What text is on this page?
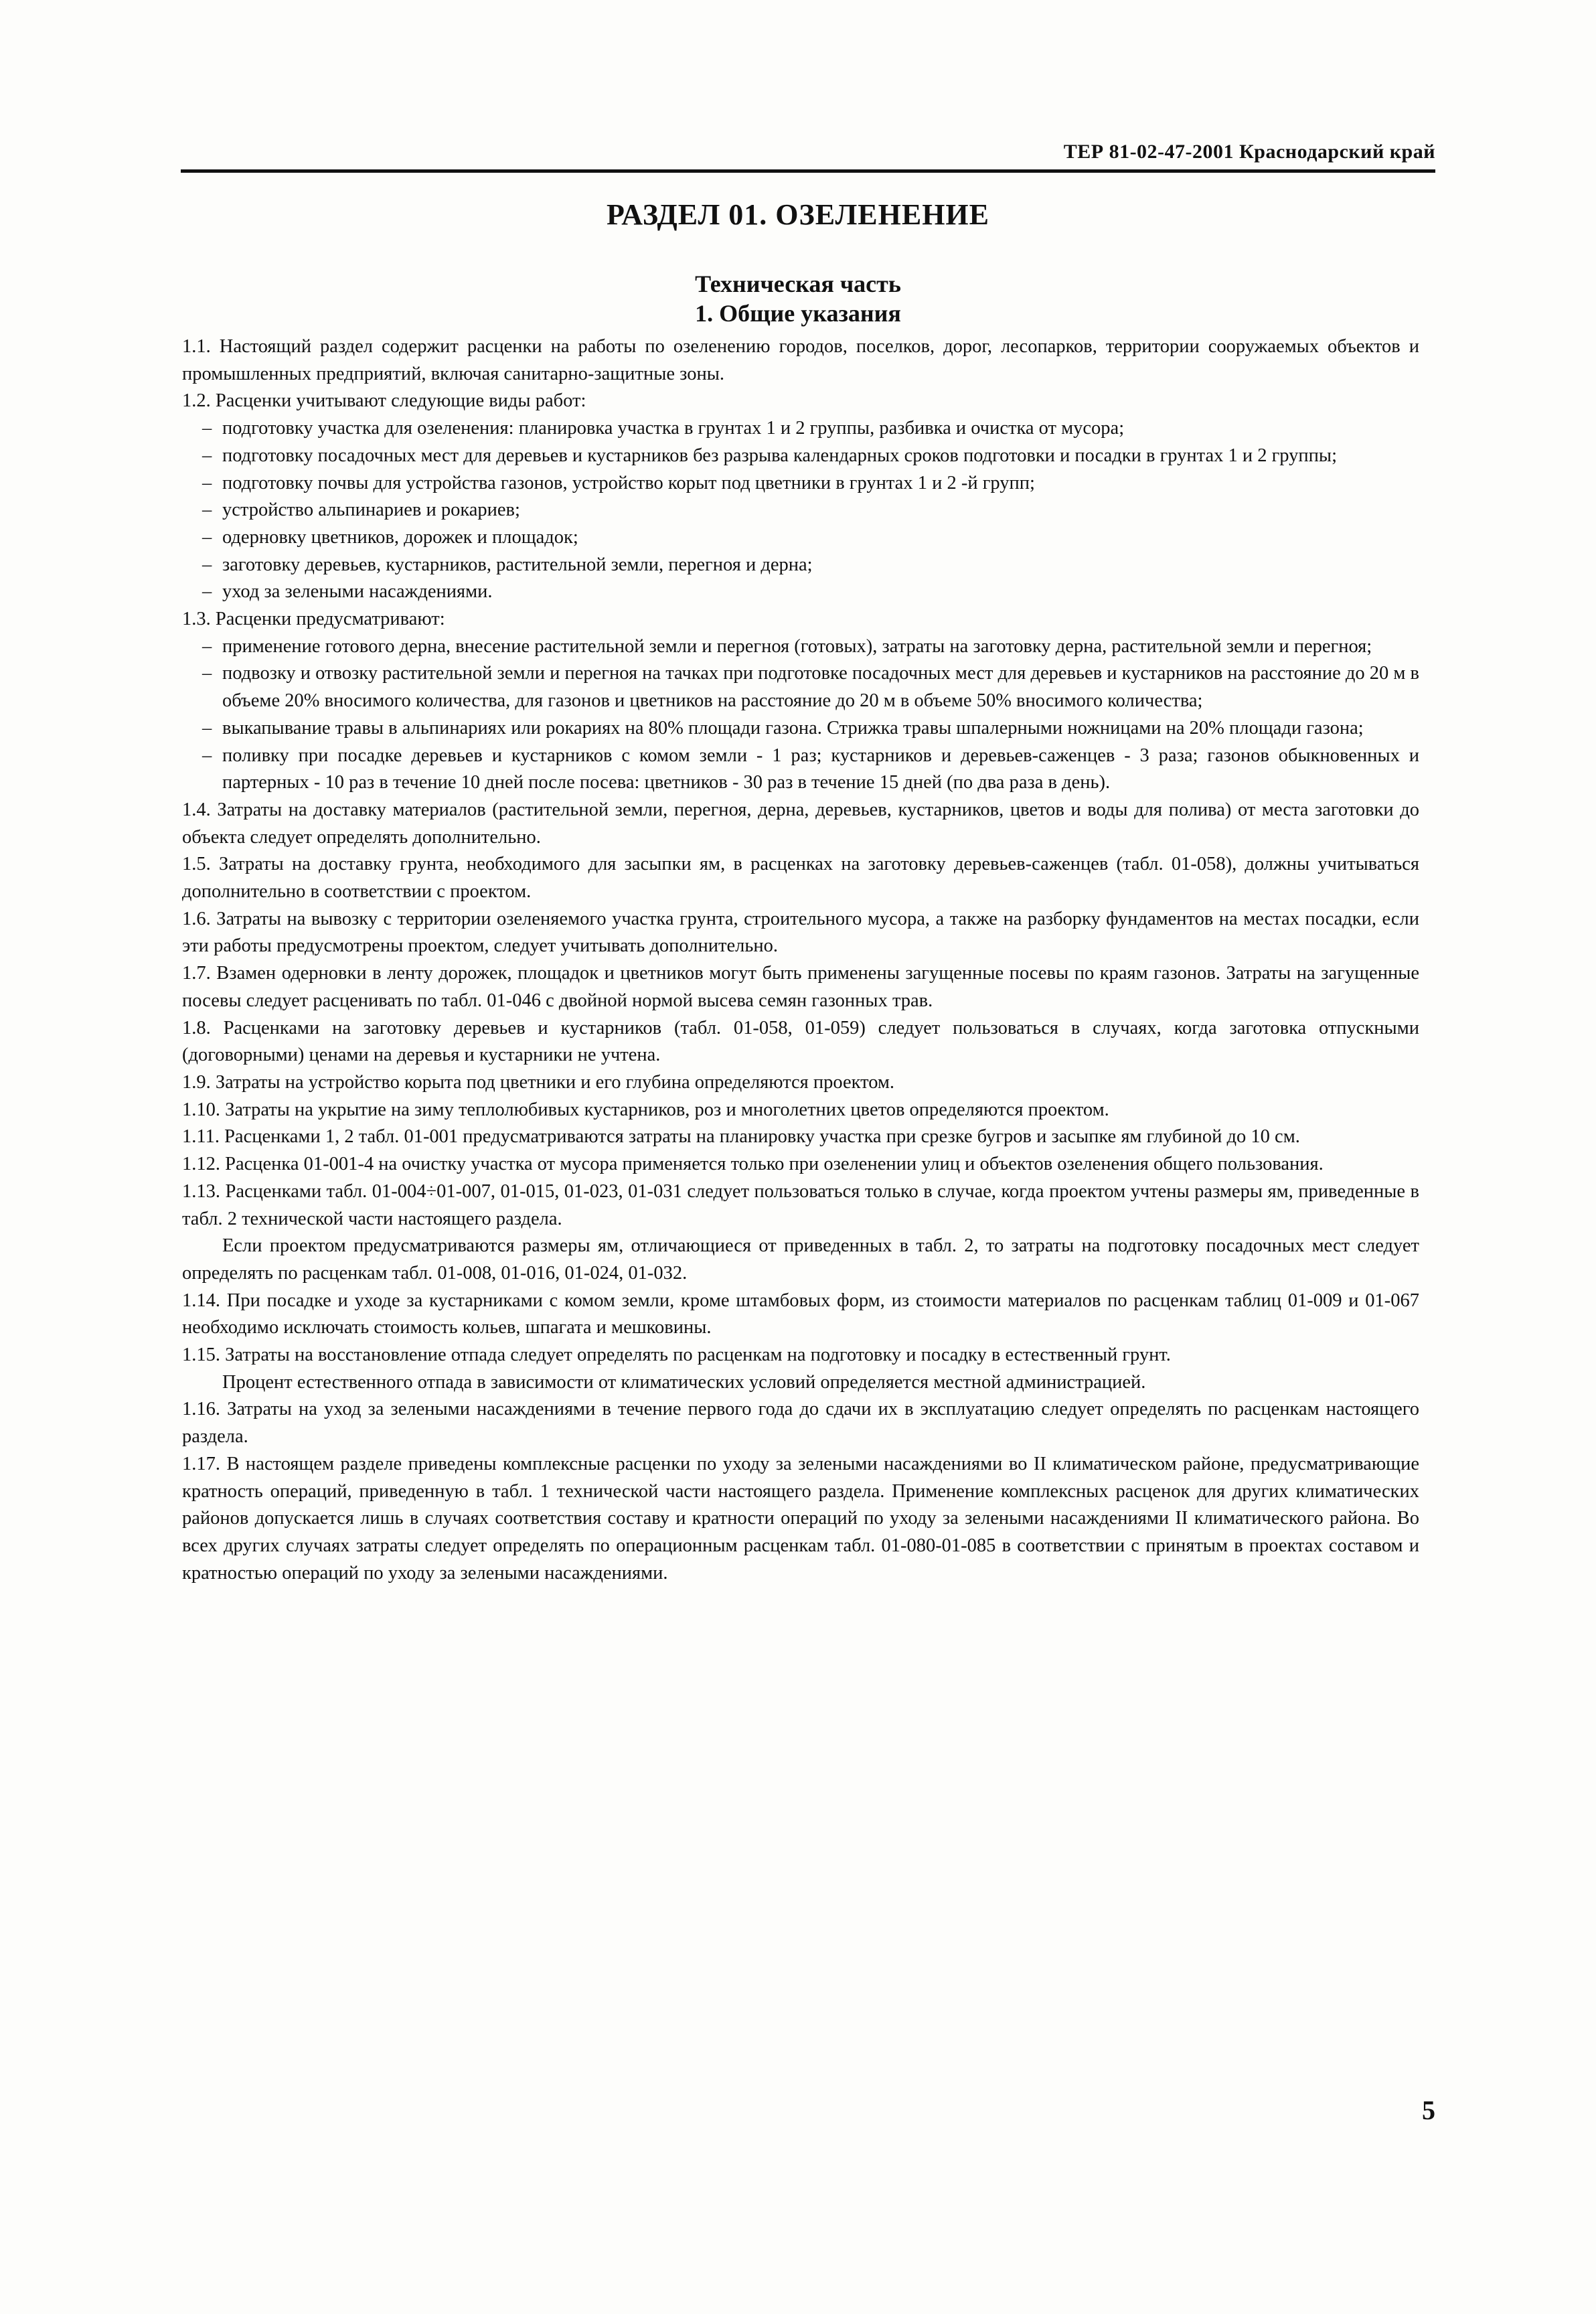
ТЕР 81-02-47-2001 Краснодарский край
РАЗДЕЛ 01. ОЗЕЛЕНЕНИЕ
Техническая часть
1. Общие указания

1.1. Настоящий раздел содержит расценки на работы по озеленению городов, поселков, дорог, лесопарков, территории сооружаемых объектов и промышленных предприятий, включая санитарно-защитные зоны.

1.2. Расценки учитывают следующие виды работ:

– подготовку участка для озеленения: планировка участка в грунтах 1 и 2 группы, разбивка и очистка от мусора;

– подготовку посадочных мест для деревьев и кустарников без разрыва календарных сроков подготовки и посадки в грунтах 1 и 2 группы;

– подготовку почвы для устройства газонов, устройство корыт под цветники в грунтах 1 и 2 -й групп;

– устройство альпинариев и рокариев;

– одерновку цветников, дорожек и площадок;

– заготовку деревьев, кустарников, растительной земли, перегноя и дерна;

– уход за зелеными насаждениями.

1.3. Расценки предусматривают:

– применение готового дерна, внесение растительной земли и перегноя (готовых), затраты на заготовку дерна, растительной земли и перегноя;

– подвозку и отвозку растительной земли и перегноя на тачках при подготовке посадочных мест для деревьев и кустарников на расстояние до 20 м в объеме 20% вносимого количества, для газонов и цветников на расстояние до 20 м в объеме 50% вносимого количества;

– выкапывание травы в альпинариях или рокариях на 80% площади газона. Стрижка травы шпалерными ножницами на 20% площади газона;

– поливку при посадке деревьев и кустарников с комом земли - 1 раз; кустарников и деревьев-саженцев - 3 раза; газонов обыкновенных и партерных - 10 раз в течение 10 дней после посева: цветников - 30 раз в течение 15 дней (по два раза в день).

1.4. Затраты на доставку материалов (растительной земли, перегноя, дерна, деревьев, кустарников, цветов и воды для полива) от места заготовки до объекта следует определять дополнительно.

1.5. Затраты на доставку грунта, необходимого для засыпки ям, в расценках на заготовку деревьев-саженцев (табл. 01-058), должны учитываться дополнительно в соответствии с проектом.

1.6. Затраты на вывозку с территории озеленяемого участка грунта, строительного мусора, а также на разборку фундаментов на местах посадки, если эти работы предусмотрены проектом, следует учитывать дополнительно.

1.7. Взамен одерновки в ленту дорожек, площадок и цветников могут быть применены загущенные посевы по краям газонов. Затраты на загущенные посевы следует расценивать по табл. 01-046 с двойной нормой высева семян газонных трав.

1.8. Расценками на заготовку деревьев и кустарников (табл. 01-058, 01-059) следует пользоваться в случаях, когда заготовка отпускными (договорными) ценами на деревья и кустарники не учтена.

1.9. Затраты на устройство корыта под цветники и его глубина определяются проектом.

1.10. Затраты на укрытие на зиму теплолюбивых кустарников, роз и многолетних цветов определяются проектом.

1.11. Расценками 1, 2 табл. 01-001 предусматриваются затраты на планировку участка при срезке бугров и засыпке ям глубиной до 10 см.

1.12. Расценка 01-001-4 на очистку участка от мусора применяется только при озеленении улиц и объектов озеленения общего пользования.

1.13. Расценками табл. 01-004÷01-007, 01-015, 01-023, 01-031 следует пользоваться только в случае, когда проектом учтены размеры ям, приведенные в табл. 2 технической части настоящего раздела.

Если проектом предусматриваются размеры ям, отличающиеся от приведенных в табл. 2, то затраты на подготовку посадочных мест следует определять по расценкам табл. 01-008, 01-016, 01-024, 01-032.

1.14. При посадке и уходе за кустарниками с комом земли, кроме штамбовых форм, из стоимости материалов по расценкам таблиц 01-009 и 01-067 необходимо исключать стоимость кольев, шпагата и мешковины.

1.15. Затраты на восстановление отпада следует определять по расценкам на подготовку и посадку в естественный грунт.

Процент естественного отпада в зависимости от климатических условий определяется местной администрацией.

1.16. Затраты на уход за зелеными насаждениями в течение первого года до сдачи их в эксплуатацию следует определять по расценкам настоящего раздела.

1.17. В настоящем разделе приведены комплексные расценки по уходу за зелеными насаждениями во II климатическом районе, предусматривающие кратность операций, приведенную в табл. 1 технической части настоящего раздела. Применение комплексных расценок для других климатических районов допускается лишь в случаях соответствия составу и кратности операций по уходу за зелеными насаждениями II климатического района. Во всех других случаях затраты следует определять по операционным расценкам табл. 01-080-01-085 в соответствии с принятым в проектах составом и кратностью операций по уходу за зелеными насаждениями.

5
